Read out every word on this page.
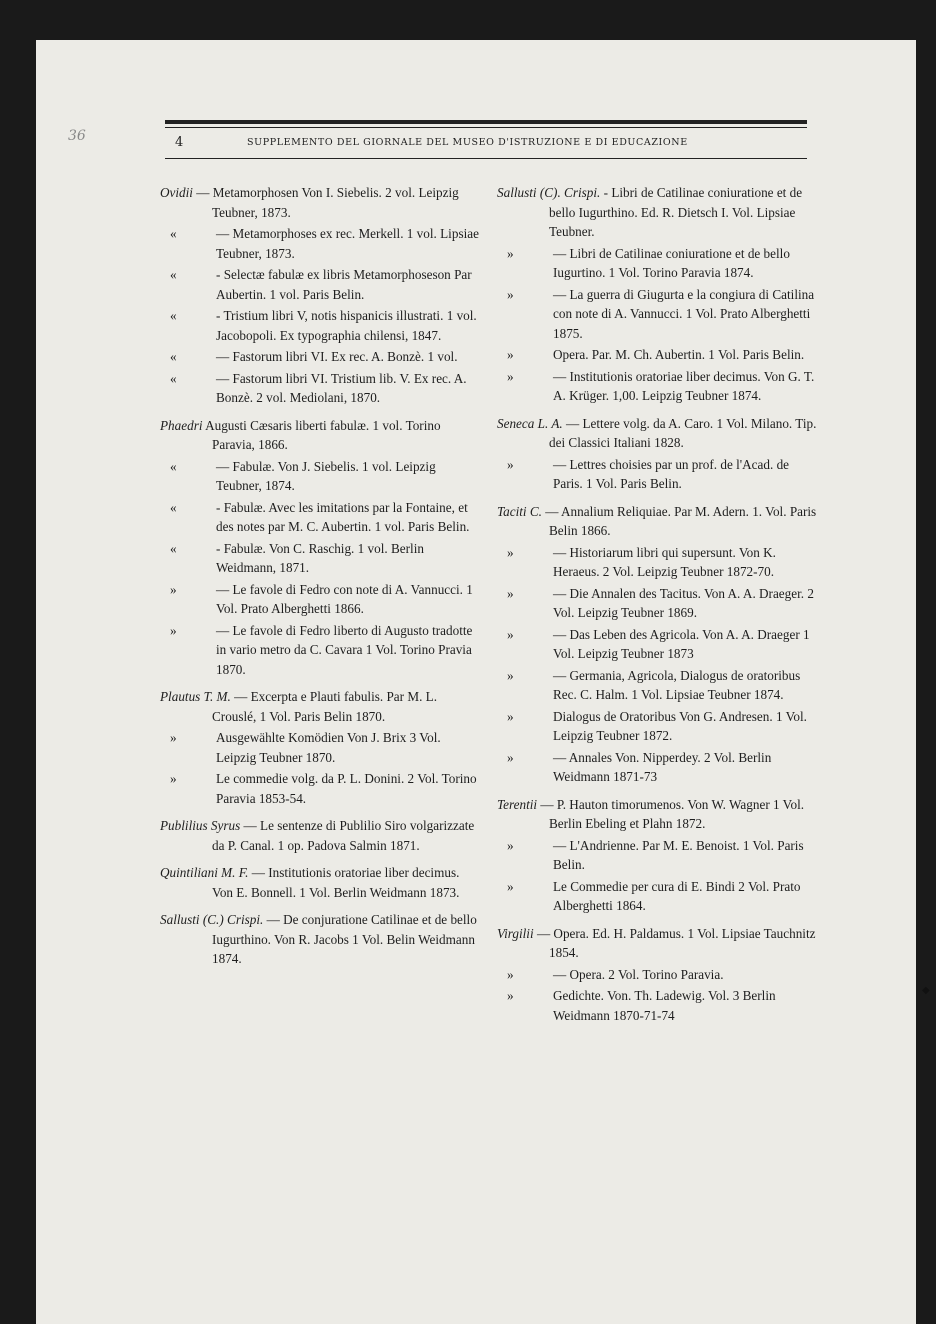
36	4	SUPPLEMENTO DEL GIORNALE DEL MUSEO D'ISTRUZIONE E DI EDUCAZIONE
Ovidii — Metamorphosen Von I. Siebelis. 2 vol. Leipzig Teubner, 1873.
«	— Metamorphoses ex rec. Merkell. 1 vol. Lipsiae Teubner, 1873.
«	- Selectæ fabulæ ex libris Metamorphoseson Par Aubertin. 1 vol. Paris Belin.
«	- Tristium libri V, notis hispanicis illustrati. 1 vol. Jacobopoli. Ex typographia chilensi, 1847.
«	— Fastorum libri VI. Ex rec. A. Bonzè. 1 vol.
«	— Fastorum libri VI. Tristium lib. V. Ex rec. A. Bonzè. 2 vol. Mediolani, 1870.
Phaedri Augusti Cæsaris liberti fabulæ. 1 vol. Torino Paravia, 1866.
«	— Fabulæ. Von J. Siebelis. 1 vol. Leipzig Teubner, 1874.
«	- Fabulæ. Avec les imitations par la Fontaine, et des notes par M. C. Aubertin. 1 vol. Paris Belin.
«	- Fabulæ. Von C. Raschig. 1 vol. Berlin Weidmann, 1871.
»	— Le favole di Fedro con note di A. Vannucci. 1 Vol. Prato Alberghetti 1866.
»	— Le favole di Fedro liberto di Augusto tradotte in vario metro da C. Cavara 1 Vol. Torino Pravia 1870.
Plautus T. M. — Excerpta e Plauti fabulis. Par M. L. Crouslé, 1 Vol. Paris Belin 1870.
»	Ausgewählte Komödien Von J. Brix 3 Vol. Leipzig Teubner 1870.
»	Le commedie volg. da P. L. Donini. 2 Vol. Torino Paravia 1853-54.
Publilius Syrus — Le sentenze di Publilio Siro volgarizzate da P. Canal. 1 op. Padova Salmin 1871.
Quintiliani M. F. — Institutionis oratoriae liber decimus. Von E. Bonnell. 1 Vol. Berlin Weidmann 1873.
Sallusti (C.) Crispi. — De conjuratione Catilinae et de bello Iugurthino. Von R. Jacobs 1 Vol. Belin Weidmann 1874.
Sallusti (C). Crispi. - Libri de Catilinae coniuratione et de bello Iugurthino. Ed. R. Dietsch I. Vol. Lipsiae Teubner.
»	— Libri de Catilinae coniuratione et de bello Iugurtino. 1 Vol. Torino Paravia 1874.
»	— La guerra di Giugurta e la congiura di Catilina con note di A. Vannucci. 1 Vol. Prato Alberghetti 1875.
»	Opera. Par. M. Ch. Aubertin. 1 Vol. Paris Belin.
»	— Institutionis oratoriae liber decimus. Von G. T. A. Krüger. 1,00. Leipzig Teubner 1874.
Seneca L. A. — Lettere volg. da A. Caro. 1 Vol. Milano. Tip. dei Classici Italiani 1828.
»	— Lettres choisies par un prof. de l'Acad. de Paris. 1 Vol. Paris Belin.
Taciti C. — Annalium Reliquiae. Par M. Adern. 1. Vol. Paris Belin 1866.
»	— Historiarum libri qui supersunt. Von K. Heraeus. 2 Vol. Leipzig Teubner 1872-70.
»	— Die Annalen des Tacitus. Von A. A. Draeger. 2 Vol. Leipzig Teubner 1869.
»	— Das Leben des Agricola. Von A. A. Draeger 1 Vol. Leipzig Teubner 1873
»	— Germania, Agricola, Dialogus de oratoribus Rec. C. Halm. 1 Vol. Lipsiae Teubner 1874.
»	Dialogus de Oratoribus Von G. Andresen. 1 Vol. Leipzig Teubner 1872.
»	— Annales Von. Nipperdey. 2 Vol. Berlin Weidmann 1871-73
Terentii — P. Hauton timorumenos. Von W. Wagner 1 Vol. Berlin Ebeling et Plahn 1872.
»	— L'Andrienne. Par M. E. Benoist. 1 Vol. Paris Belin.
»	Le Commedie per cura di E. Bindi 2 Vol. Prato Alberghetti 1864.
Virgilii — Opera. Ed. H. Paldamus. 1 Vol. Lipsiae Tauchnitz 1854.
»	— Opera. 2 Vol. Torino Paravia.
»	Gedichte. Von. Th. Ladewig. Vol. 3 Berlin Weidmann 1870-71-74
◆
